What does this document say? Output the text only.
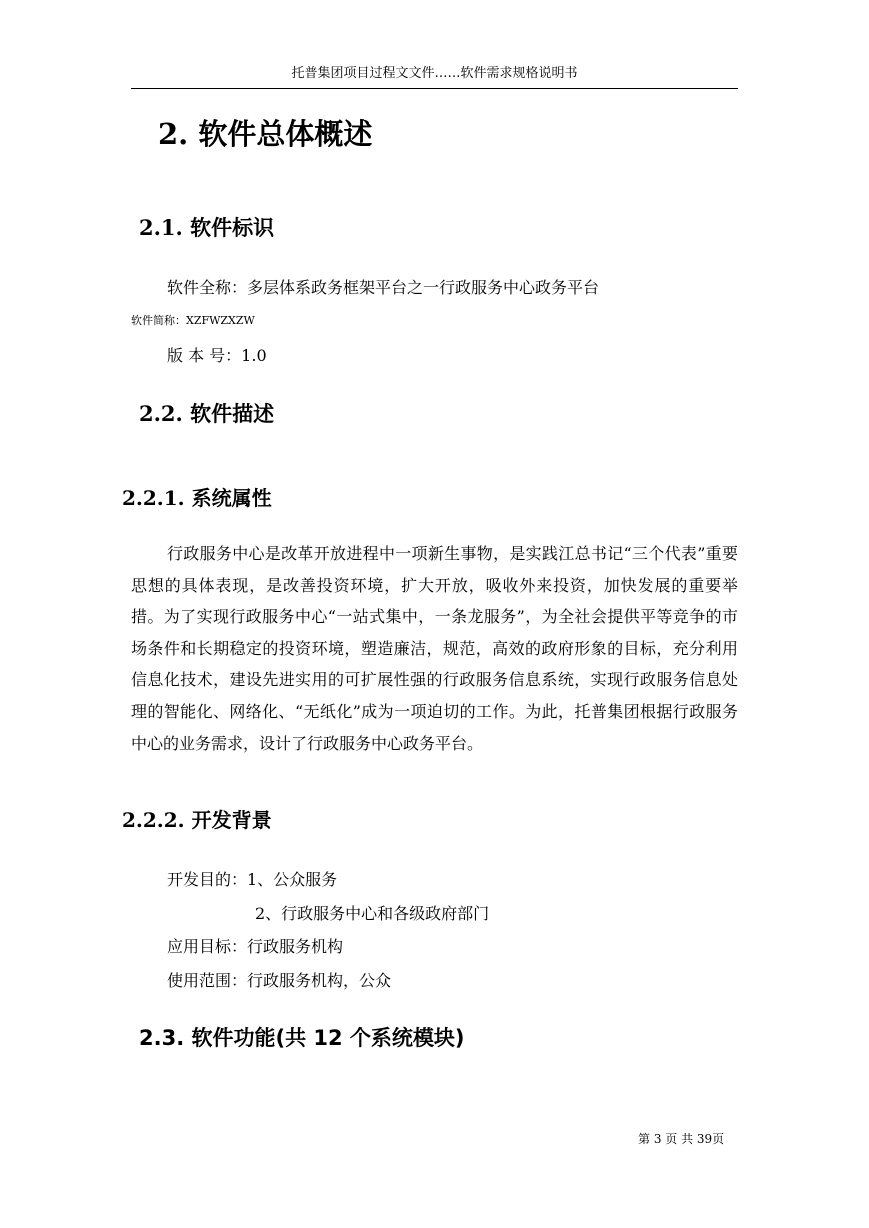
托普集团项目过程文文件……软件需求规格说明书
2. 软件总体概述
2.1. 软件标识
软件全称：多层体系政务框架平台之一行政服务中心政务平台
软件简称：XZFWZXZW
版 本 号：1.0
2.2. 软件描述
2.2.1. 系统属性
行政服务中心是改革开放进程中一项新生事物，是实践江总书记“三个代表”重要思想的具体表现，是改善投资环境，扩大开放，吸收外来投资，加快发展的重要举措。为了实现行政服务中心“一站式集中，一条龙服务”，为全社会提供平等竞争的市场条件和长期稳定的投资环境，塑造廉洁，规范，高效的政府形象的目标，充分利用信息化技术，建设先进实用的可扩展性强的行政服务信息系统，实现行政服务信息处理的智能化、网络化、“无纸化”成为一项迫切的工作。为此，托普集团根据行政服务中心的业务需求，设计了行政服务中心政务平台。
2.2.2. 开发背景
开发目的：1、公众服务
2、行政服务中心和各级政府部门
应用目标：行政服务机构
使用范围：行政服务机构，公众
2.3. 软件功能(共 12 个系统模块)
第 3 页 共 39页
